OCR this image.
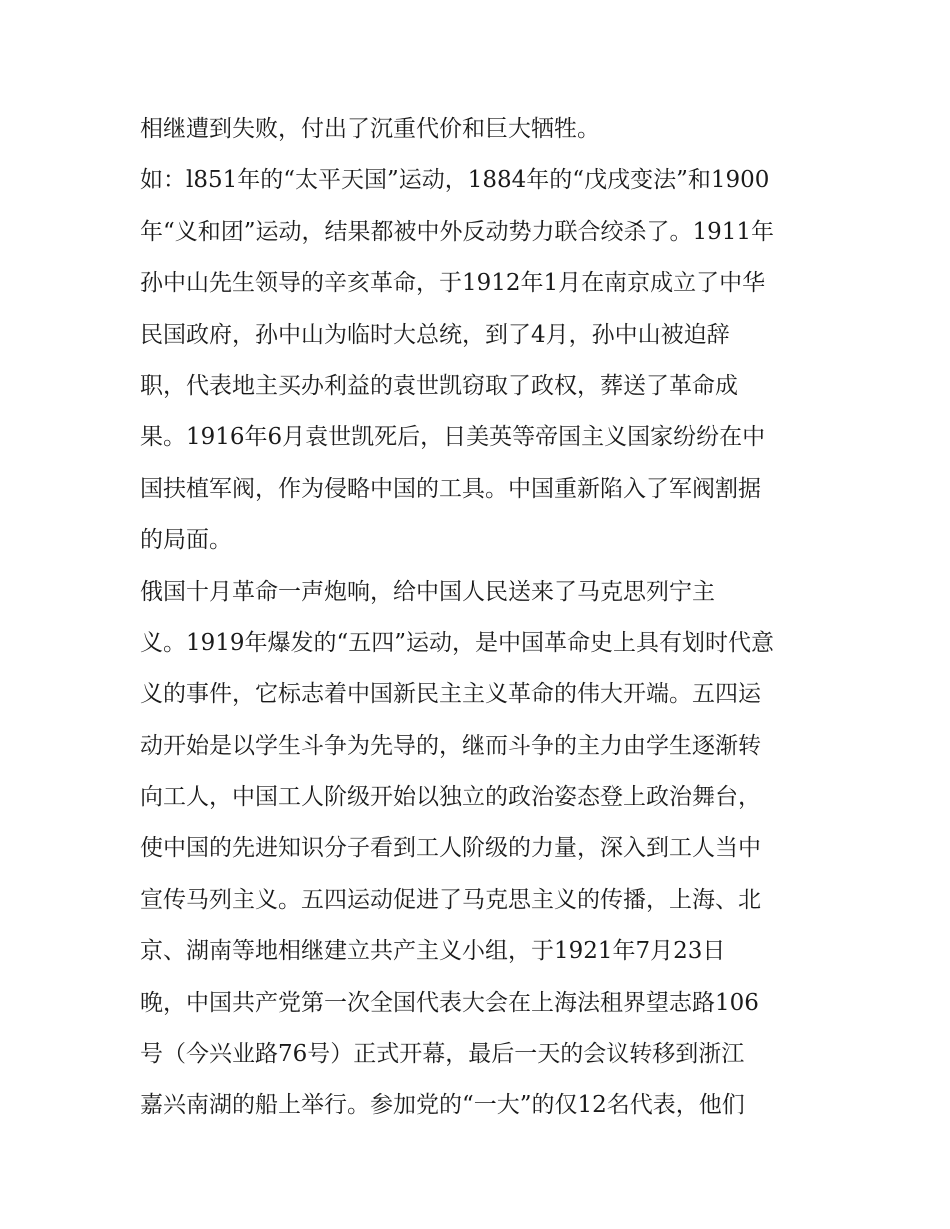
相继遭到失败，付出了沉重代价和巨大牺牲。
如：l851年的“太平天国”运动，1884年的“戊戌变法”和1900
年“义和团”运动，结果都被中外反动势力联合绞杀了。1911年
孙中山先生领导的辛亥革命，于1912年1月在南京成立了中华
民国政府，孙中山为临时大总统，到了4月，孙中山被迫辞
职，代表地主买办利益的袁世凯窃取了政权，葬送了革命成
果。1916年6月袁世凯死后，日美英等帝国主义国家纷纷在中
国扶植军阀，作为侵略中国的工具。中国重新陷入了军阀割据
的局面。
俄国十月革命一声炮响，给中国人民送来了马克思列宁主
义。1919年爆发的“五四”运动，是中国革命史上具有划时代意
义的事件，它标志着中国新民主主义革命的伟大开端。五四运
动开始是以学生斗争为先导的，继而斗争的主力由学生逐渐转
向工人，中国工人阶级开始以独立的政治姿态登上政治舞台，
使中国的先进知识分子看到工人阶级的力量，深入到工人当中
宣传马列主义。五四运动促进了马克思主义的传播，上海、北
京、湖南等地相继建立共产主义小组，于1921年7月23日
晚，中国共产党第一次全国代表大会在上海法租界望志路106
号（今兴业路76号）正式开幕，最后一天的会议转移到浙江
嘉兴南湖的船上举行。参加党的“一大”的仅12名代表，他们
